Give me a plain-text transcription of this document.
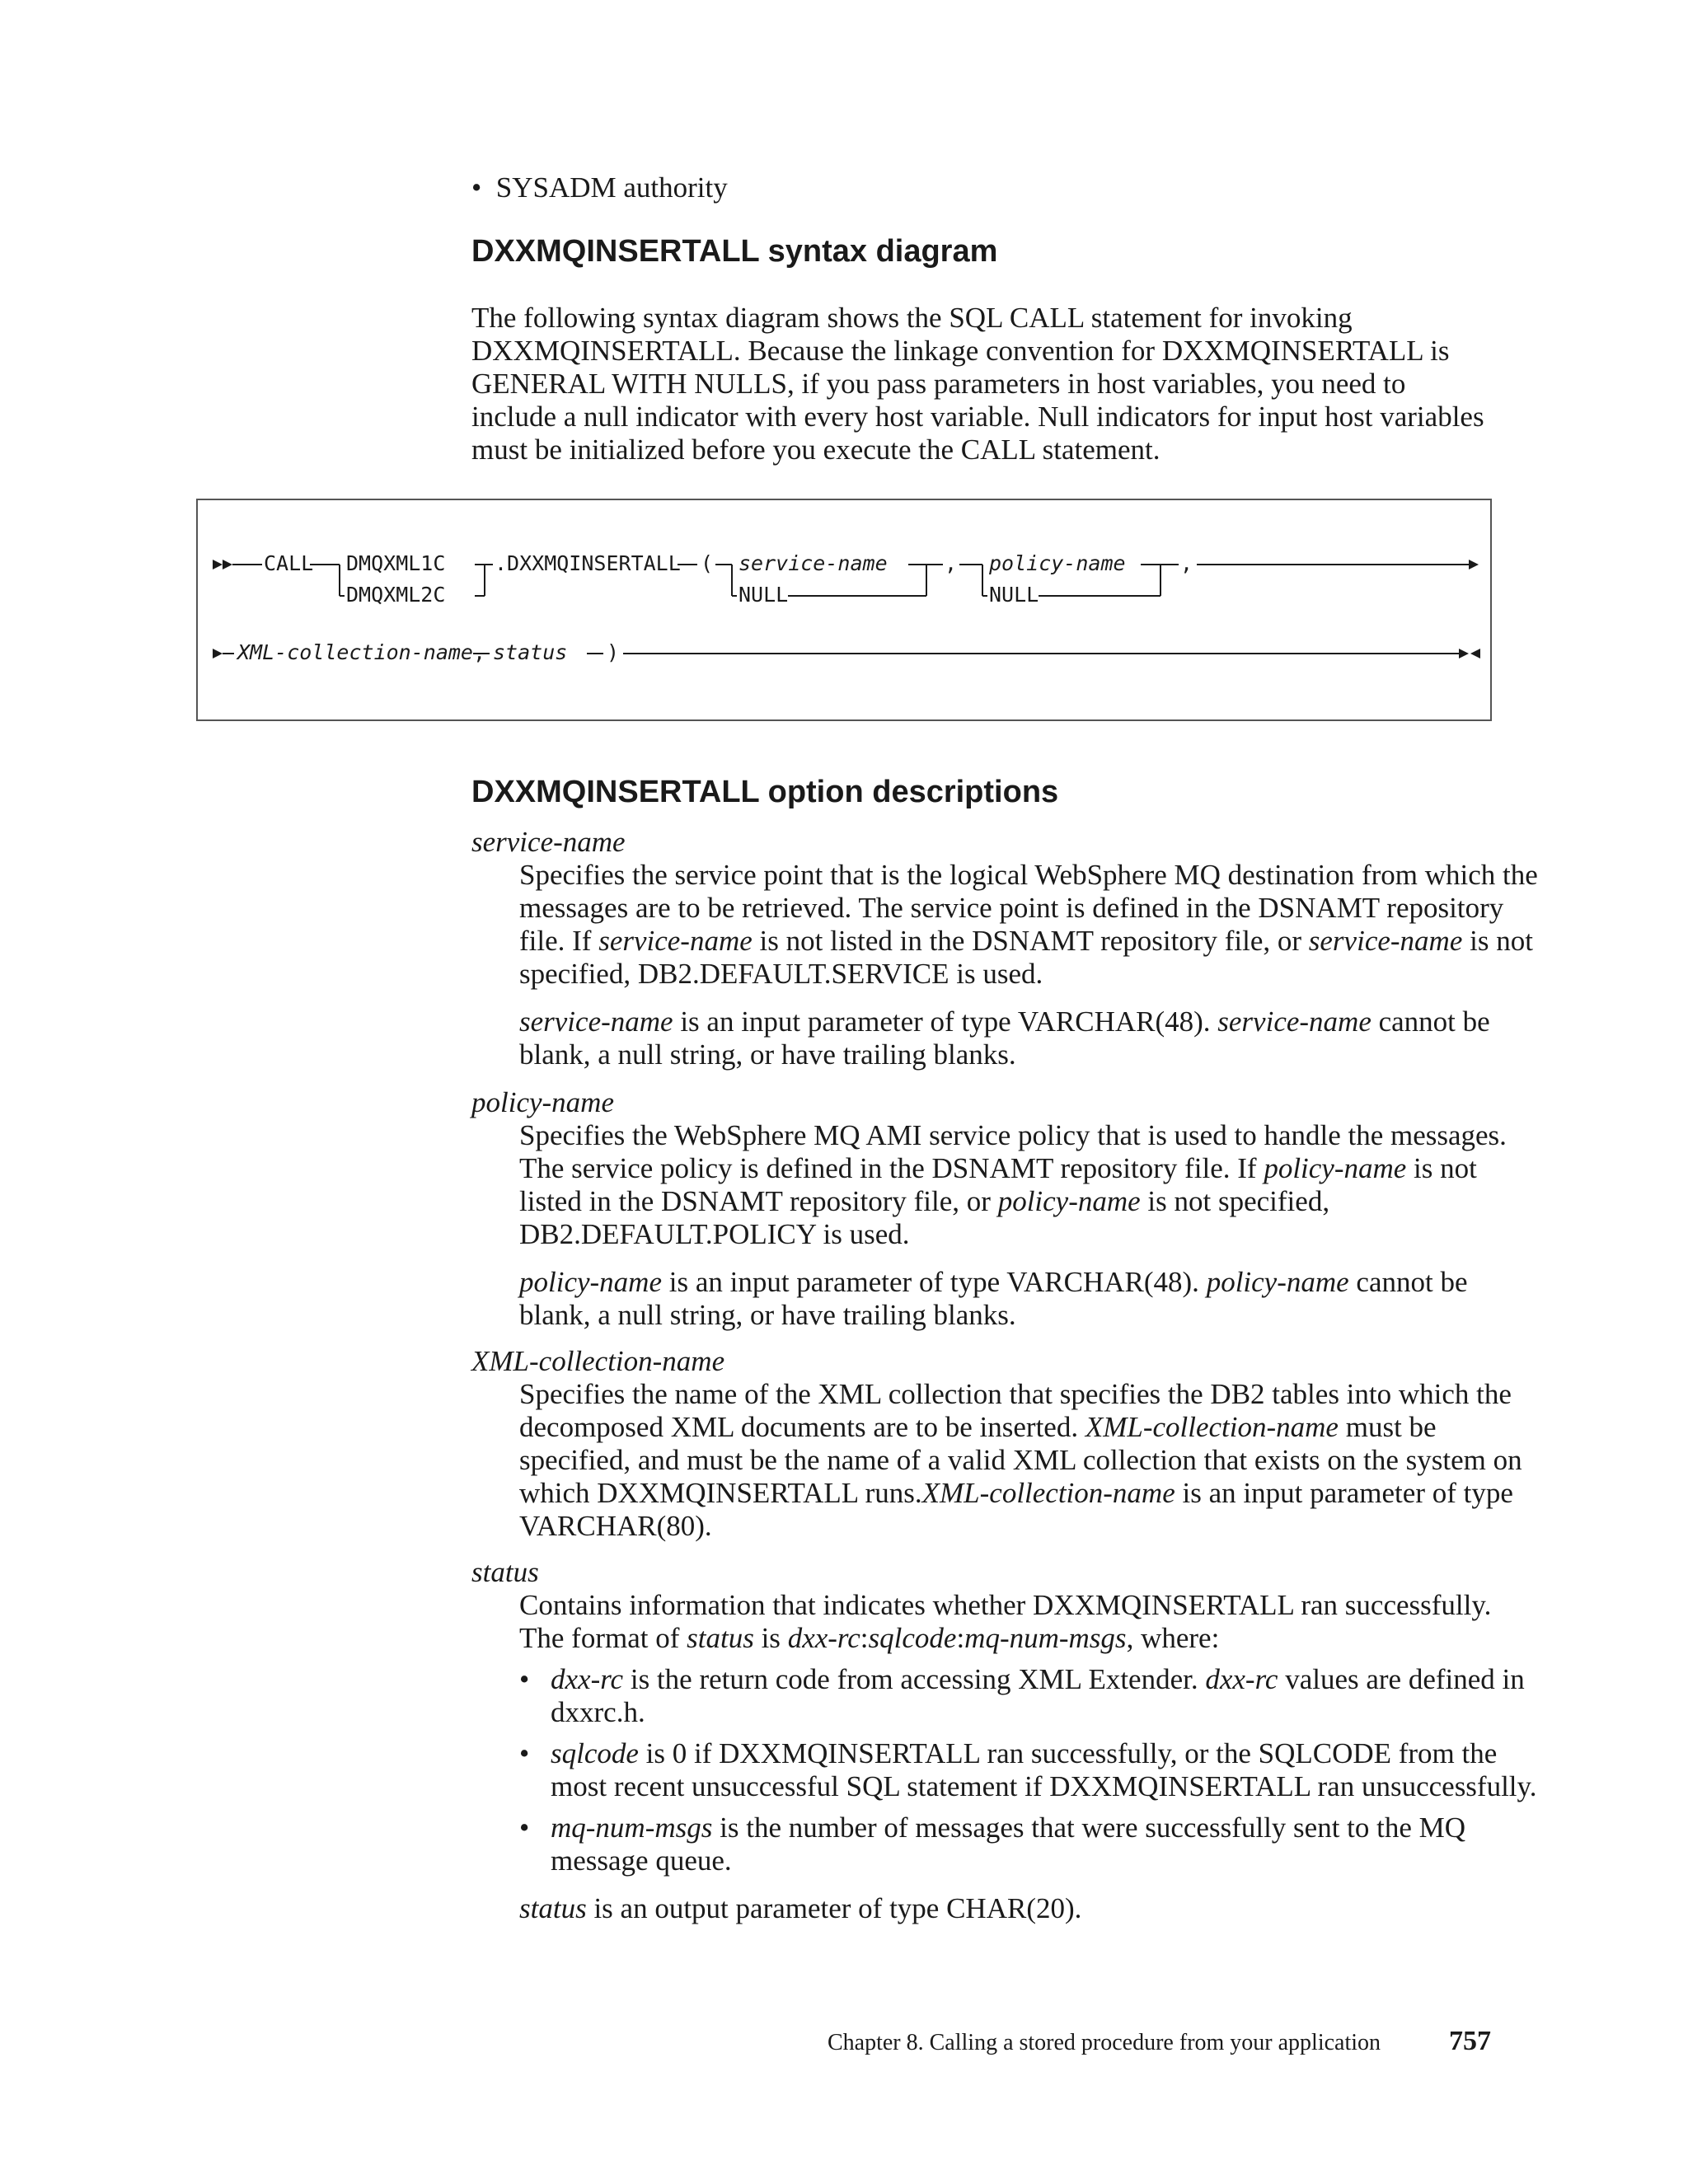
•  SYSADM authority
DXXMQINSERTALL syntax diagram
The following syntax diagram shows the SQL CALL statement for invoking DXXMQINSERTALL. Because the linkage convention for DXXMQINSERTALL is GENERAL WITH NULLS, if you pass parameters in host variables, you need to include a null indicator with every host variable. Null indicators for input host variables must be initialized before you execute the CALL statement.
CALL DMQXML1C
DMQXML2C
.DXXMQINSERTALL ( service-name
NULL
, policy-name
NULL
,
XML-collection-name, status )
DXXMQINSERTALL option descriptions
service-name

Specifies the service point that is the logical WebSphere MQ destination from which the messages are to be retrieved. The service point is defined in the DSNAMT repository file. If service-name is not listed in the DSNAMT repository file, or service-name is not specified, DB2.DEFAULT.SERVICE is used.

service-name is an input parameter of type VARCHAR(48). service-name cannot be blank, a null string, or have trailing blanks.

policy-name

Specifies the WebSphere MQ AMI service policy that is used to handle the messages. The service policy is defined in the DSNAMT repository file. If policy-name is not listed in the DSNAMT repository file, or policy-name is not specified, DB2.DEFAULT.POLICY is used.

policy-name is an input parameter of type VARCHAR(48). policy-name cannot be blank, a null string, or have trailing blanks.

XML-collection-name

Specifies the name of the XML collection that specifies the DB2 tables into which the decomposed XML documents are to be inserted. XML-collection-name must be specified, and must be the name of a valid XML collection that exists on the system on which DXXMQINSERTALL runs.XML-collection-name is an input parameter of type VARCHAR(80).

status

Contains information that indicates whether DXXMQINSERTALL ran successfully. The format of status is dxx-rc:sqlcode:mq-num-msgs, where:

• dxx-rc is the return code from accessing XML Extender. dxx-rc values are defined in dxxrc.h.
• sqlcode is 0 if DXXMQINSERTALL ran successfully, or the SQLCODE from the most recent unsuccessful SQL statement if DXXMQINSERTALL ran unsuccessfully.
• mq-num-msgs is the number of messages that were successfully sent to the MQ message queue.

status is an output parameter of type CHAR(20).

Chapter 8. Calling a stored procedure from your application 757
